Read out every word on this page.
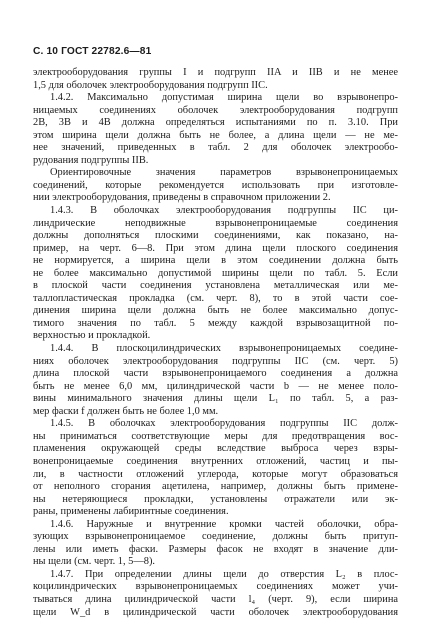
С. 10 ГОСТ 22782.6—81
электрооборудования группы I и подгрупп IIA и IIB и не менее
1,5 для оболочек электрооборудования подгрупп IIC.
1.4.2. Максимально допустимая ширина щели во взрывонепро-
ницаемых соединениях оболочек электрооборудования подгрупп
2В, 3В и 4В должна определяться испытаниями по п. 3.10. При
этом ширина щели должна быть не более, а длина щели — не ме-
нее значений, приведенных в табл. 2 для оболочек электрообо-
рудования подгруппы IIB.
Ориентировочные значения параметров взрывонепроницаемых
соединений, которые рекомендуется использовать при изготовле-
нии электрооборудования, приведены в справочном приложении 2.
1.4.3. В оболочках электрооборудования подгруппы IIC ци-
линдрические неподвижные взрывонепроницаемые соединения
должны дополняться плоскими соединениями, как показано, на-
пример, на черт. 6—8. При этом длина щели плоского соединения
не нормируется, а ширина щели в этом соединении должна быть
не более максимально допустимой ширины щели по табл. 5. Если
в плоской части соединения установлена металлическая или ме-
таллопластическая прокладка (см. черт. 8), то в этой части сое-
динения ширина щели должна быть не более максимально допус-
тимого значения по табл. 5 между каждой взрывозащитной по-
верхностью и прокладкой.
1.4.4. В плоскоцилиндрических взрывонепроницаемых соедине-
ниях оболочек электрооборудования подгруппы IIC (см. черт. 5)
длина плоской части взрывонепроницаемого соединения a должна
быть не менее 6,0 мм, цилиндрической части b — не менее поло-
вины минимального значения длины щели L₁ по табл. 5, а раз-
мер фаски f должен быть не более 1,0 мм.
1.4.5. В оболочках электрооборудования подгруппы IIC долж-
ны приниматься соответствующие меры для предотвращения вос-
пламенения окружающей среды вследствие выброса через взры-
вонепроницаемые соединения внутренних отложений, частиц и пы-
ли, в частности отложений углерода, которые могут образоваться
от неполного сгорания ацетилена, например, должны быть примене-
ны нетеряющиеся прокладки, установлены отражатели или эк-
раны, применены лабиринтные соединения.
1.4.6. Наружные и внутренние кромки частей оболочки, обра-
зующих взрывонепроницаемое соединение, должны быть притуп-
лены или иметь фаски. Размеры фасок не входят в значение дли-
ны щели (см. черт. 1, 5—8).
1.4.7. При определении длины щели до отверстия L₂ в плос-
коцилиндрических взрывонепроницаемых соединениях может учи-
тываться длина цилиндрической части l₄ (черт. 9), если ширина
щели W_d в цилиндрической части оболочек электрооборудования
